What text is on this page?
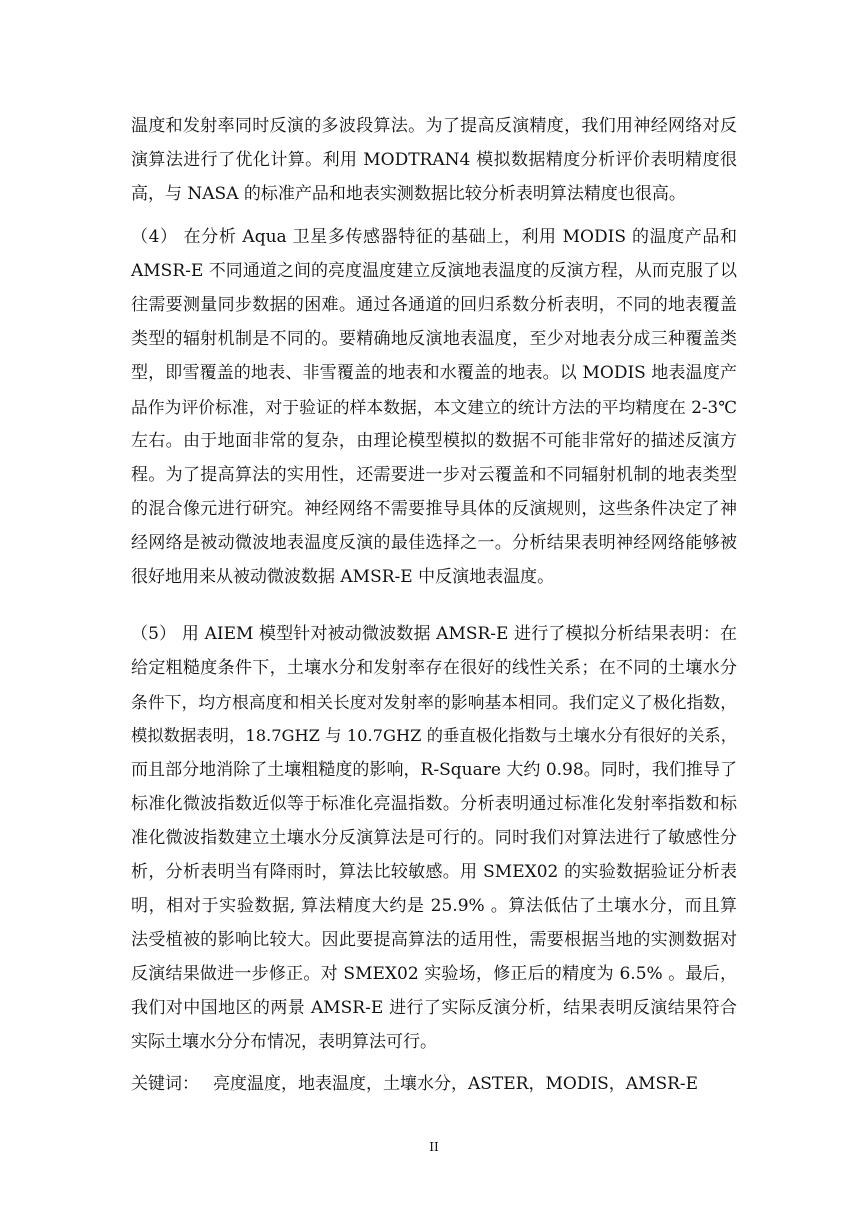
温度和发射率同时反演的多波段算法。为了提高反演精度，我们用神经网络对反
演算法进行了优化计算。利用 MODTRAN4 模拟数据精度分析评价表明精度很
高，与 NASA 的标准产品和地表实测数据比较分析表明算法精度也很高。
（4） 在分析 Aqua 卫星多传感器特征的基础上，利用 MODIS 的温度产品和
AMSR-E 不同通道之间的亮度温度建立反演地表温度的反演方程，从而克服了以
往需要测量同步数据的困难。通过各通道的回归系数分析表明，不同的地表覆盖
类型的辐射机制是不同的。要精确地反演地表温度，至少对地表分成三种覆盖类
型，即雪覆盖的地表、非雪覆盖的地表和水覆盖的地表。以 MODIS 地表温度产
品作为评价标准，对于验证的样本数据，本文建立的统计方法的平均精度在 2-3℃
左右。由于地面非常的复杂，由理论模型模拟的数据不可能非常好的描述反演方
程。为了提高算法的实用性，还需要进一步对云覆盖和不同辐射机制的地表类型
的混合像元进行研究。神经网络不需要推导具体的反演规则，这些条件决定了神
经网络是被动微波地表温度反演的最佳选择之一。分析结果表明神经网络能够被
很好地用来从被动微波数据 AMSR-E 中反演地表温度。
（5） 用 AIEM 模型针对被动微波数据 AMSR-E 进行了模拟分析结果表明：在
给定粗糙度条件下，土壤水分和发射率存在很好的线性关系；在不同的土壤水分
条件下，均方根高度和相关长度对发射率的影响基本相同。我们定义了极化指数，
模拟数据表明，18.7GHZ 与 10.7GHZ 的垂直极化指数与土壤水分有很好的关系，
而且部分地消除了土壤粗糙度的影响，R-Square 大约 0.98。同时，我们推导了
标准化微波指数近似等于标准化亮温指数。分析表明通过标准化发射率指数和标
准化微波指数建立土壤水分反演算法是可行的。同时我们对算法进行了敏感性分
析，分析表明当有降雨时，算法比较敏感。用 SMEX02 的实验数据验证分析表
明，相对于实验数据, 算法精度大约是 25.9% 。算法低估了土壤水分，而且算
法受植被的影响比较大。因此要提高算法的适用性，需要根据当地的实测数据对
反演结果做进一步修正。对 SMEX02 实验场，修正后的精度为 6.5% 。最后，
我们对中国地区的两景 AMSR-E 进行了实际反演分析，结果表明反演结果符合
实际土壤水分分布情况，表明算法可行。
关键词： 亮度温度，地表温度，土壤水分，ASTER，MODIS，AMSR-E
II
